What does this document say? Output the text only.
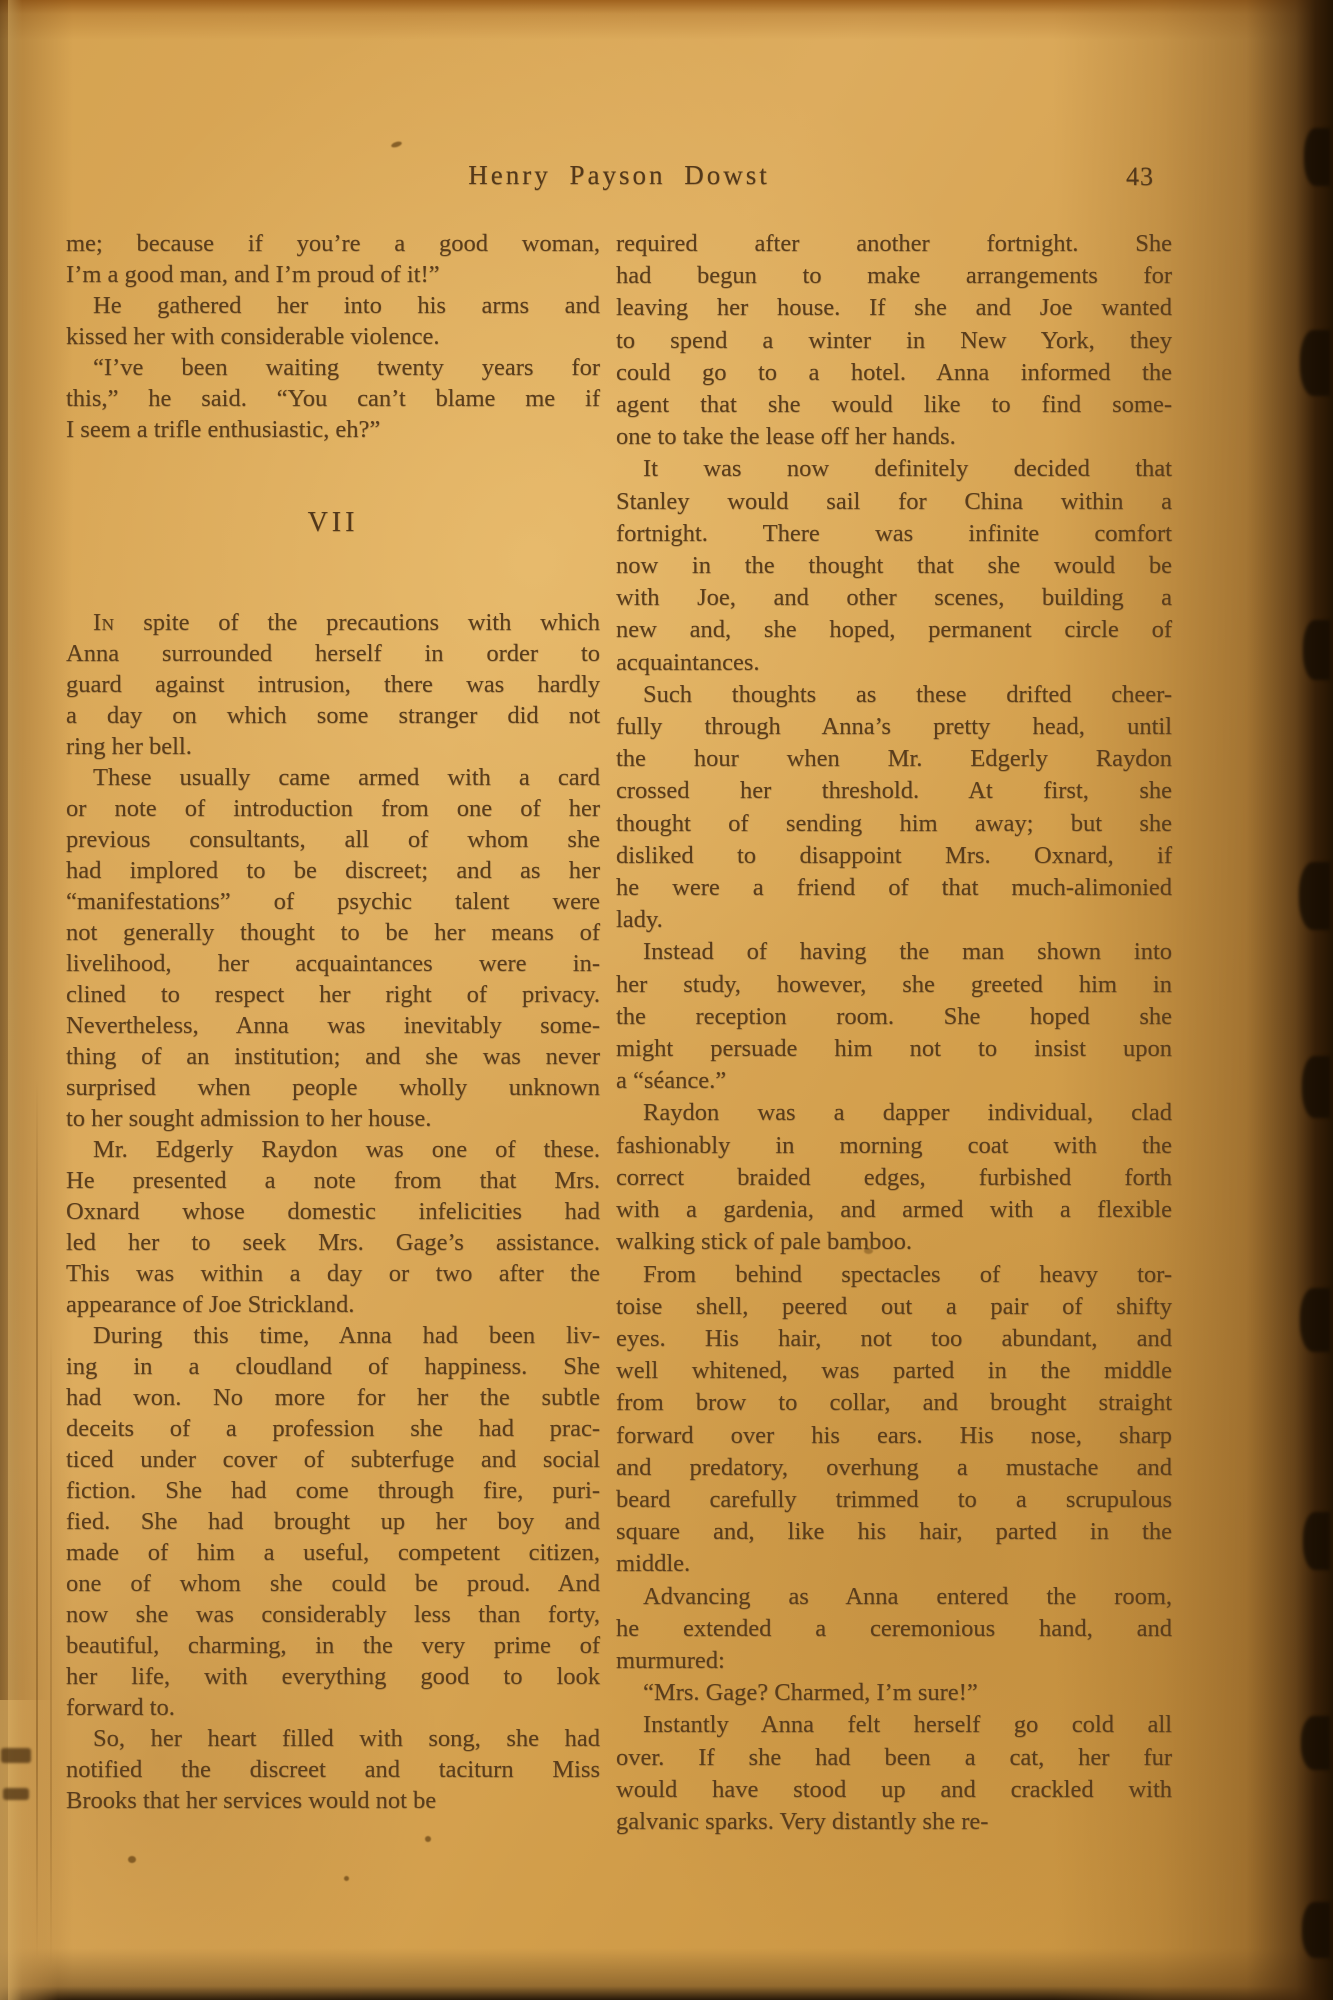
Henry Payson Dowst	43
me; because if you’re a good woman,
I’m a good man, and I’m proud of it!”
He gathered her into his arms and
kissed her with considerable violence.
“I’ve been waiting twenty years for
this,” he said. “You can’t blame me if
I seem a trifle enthusiastic, eh?”
VII
In spite of the precautions with which
Anna surrounded herself in order to
guard against intrusion, there was hardly
a day on which some stranger did not
ring her bell.
These usually came armed with a card
or note of introduction from one of her
previous consultants, all of whom she
had implored to be discreet; and as her
“manifestations” of psychic talent were
not generally thought to be her means of
livelihood, her acquaintances were in-
clined to respect her right of privacy.
Nevertheless, Anna was inevitably some-
thing of an institution; and she was never
surprised when people wholly unknown
to her sought admission to her house.
Mr. Edgerly Raydon was one of these.
He presented a note from that Mrs.
Oxnard whose domestic infelicities had
led her to seek Mrs. Gage’s assistance.
This was within a day or two after the
appearance of Joe Strickland.
During this time, Anna had been liv-
ing in a cloudland of happiness. She
had won. No more for her the subtle
deceits of a profession she had prac-
ticed under cover of subterfuge and social
fiction. She had come through fire, puri-
fied. She had brought up her boy and
made of him a useful, competent citizen,
one of whom she could be proud. And
now she was considerably less than forty,
beautiful, charming, in the very prime of
her life, with everything good to look
forward to.
So, her heart filled with song, she had
notified the discreet and taciturn Miss
Brooks that her services would not be
required after another fortnight. She
had begun to make arrangements for
leaving her house. If she and Joe wanted
to spend a winter in New York, they
could go to a hotel. Anna informed the
agent that she would like to find some-
one to take the lease off her hands.
It was now definitely decided that
Stanley would sail for China within a
fortnight. There was infinite comfort
now in the thought that she would be
with Joe, and other scenes, building a
new and, she hoped, permanent circle of
acquaintances.
Such thoughts as these drifted cheer-
fully through Anna’s pretty head, until
the hour when Mr. Edgerly Raydon
crossed her threshold. At first, she
thought of sending him away; but she
disliked to disappoint Mrs. Oxnard, if
he were a friend of that much-alimonied
lady.
Instead of having the man shown into
her study, however, she greeted him in
the reception room. She hoped she
might persuade him not to insist upon
a “séance.”
Raydon was a dapper individual, clad
fashionably in morning coat with the
correct braided edges, furbished forth
with a gardenia, and armed with a flexible
walking stick of pale bamboo.
From behind spectacles of heavy tor-
toise shell, peered out a pair of shifty
eyes. His hair, not too abundant, and
well whitened, was parted in the middle
from brow to collar, and brought straight
forward over his ears. His nose, sharp
and predatory, overhung a mustache and
beard carefully trimmed to a scrupulous
square and, like his hair, parted in the
middle.
Advancing as Anna entered the room,
he extended a ceremonious hand, and
murmured:
“Mrs. Gage? Charmed, I’m sure!”
Instantly Anna felt herself go cold all
over. If she had been a cat, her fur
would have stood up and crackled with
galvanic sparks. Very distantly she re-
